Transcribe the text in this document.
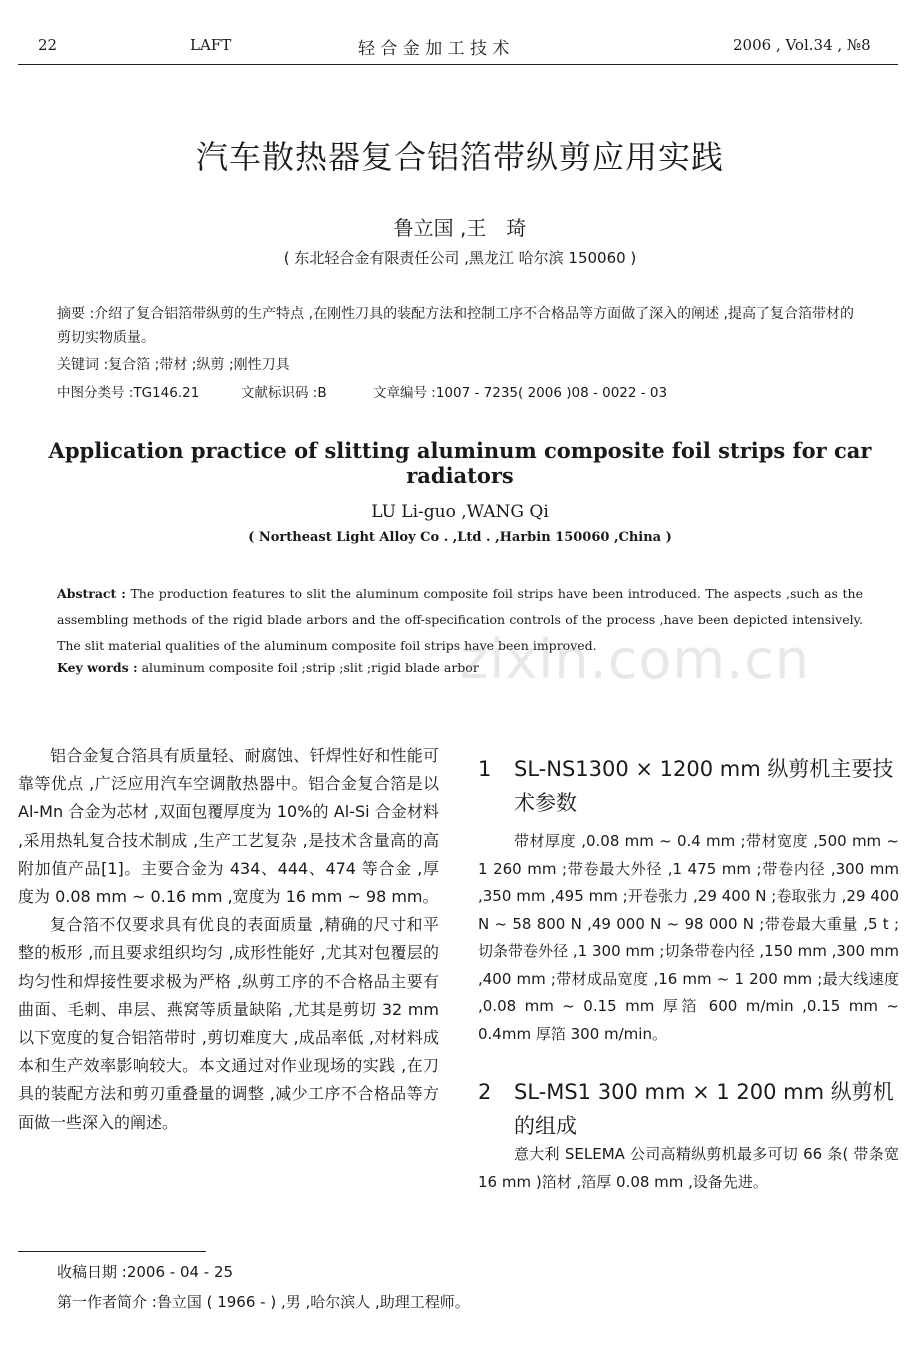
22	LAFT	轻 合 金 加 工 技 术	2006 , Vol.34 , №8
汽车散热器复合铝箔带纵剪应用实践
鲁立国 ,王　琦
( 东北轻合金有限责任公司 ,黑龙江 哈尔滨 150060 )
摘要 :介绍了复合铝箔带纵剪的生产特点 ,在刚性刀具的装配方法和控制工序不合格品等方面做了深入的阐述 ,提高了复合箔带材的剪切实物质量。
关键词 :复合箔 ;带材 ;纵剪 ;刚性刀具
中图分类号 :TG146.21	文献标识码 :B	文章编号 :1007 - 7235( 2006 )08 - 0022 - 03
Application practice of slitting aluminum composite foil strips for car radiators
LU Li-guo ,WANG Qi
( Northeast Light Alloy Co . ,Ltd . ,Harbin 150060 ,China )
Abstract : The production features to slit the aluminum composite foil strips have been introduced. The aspects ,such as the assembling methods of the rigid blade arbors and the off-specification controls of the process ,have been depicted intensively. The slit material qualities of the aluminum composite foil strips have been improved.
Key words : aluminum composite foil ;strip ;slit ;rigid blade arbor
zixin.com.cn

铝合金复合箔具有质量轻、耐腐蚀、钎焊性好和性能可靠等优点 ,广泛应用汽车空调散热器中。铝合金复合箔是以 Al-Mn 合金为芯材 ,双面包覆厚度为 10%的 Al-Si 合金材料 ,采用热轧复合技术制成 ,生产工艺复杂 ,是技术含量高的高附加值产品[1]。主要合金为 434、444、474 等合金 ,厚度为 0.08 mm ~ 0.16 mm ,宽度为 16 mm ~ 98 mm。

复合箔不仅要求具有优良的表面质量 ,精确的尺寸和平整的板形 ,而且要求组织均匀 ,成形性能好 ,尤其对包覆层的均匀性和焊接性要求极为严格 ,纵剪工序的不合格品主要有曲面、毛刺、串层、燕窝等质量缺陷 ,尤其是剪切 32 mm 以下宽度的复合铝箔带时 ,剪切难度大 ,成品率低 ,对材料成本和生产效率影响较大。本文通过对作业现场的实践 ,在刀具的装配方法和剪刃重叠量的调整 ,减少工序不合格品等方面做一些深入的阐述。

1	SL-NS1300 × 1200 mm 纵剪机主要技术参数

带材厚度 ,0.08 mm ~ 0.4 mm ;带材宽度 ,500 mm ~ 1 260 mm ;带卷最大外径 ,1 475 mm ;带卷内径 ,300 mm ,350 mm ,495 mm ;开卷张力 ,29 400 N ;卷取张力 ,29 400 N ~ 58 800 N ,49 000 N ~ 98 000 N ;带卷最大重量 ,5 t ;切条带卷外径 ,1 300 mm ;切条带卷内径 ,150 mm ,300 mm ,400 mm ;带材成品宽度 ,16 mm ~ 1 200 mm ;最大线速度 ,0.08 mm ~ 0.15 mm 厚箔 600 m/min ,0.15 mm ~ 0.4mm 厚箔 300 m/min。

2	SL-MS1 300 mm × 1 200 mm 纵剪机的组成

意大利 SELEMA 公司高精纵剪机最多可切 66 条( 带条宽 16 mm )箔材 ,箔厚 0.08 mm ,设备先进。

收稿日期 :2006 - 04 - 25
第一作者简介 :鲁立国 ( 1966 - ) ,男 ,哈尔滨人 ,助理工程师。
